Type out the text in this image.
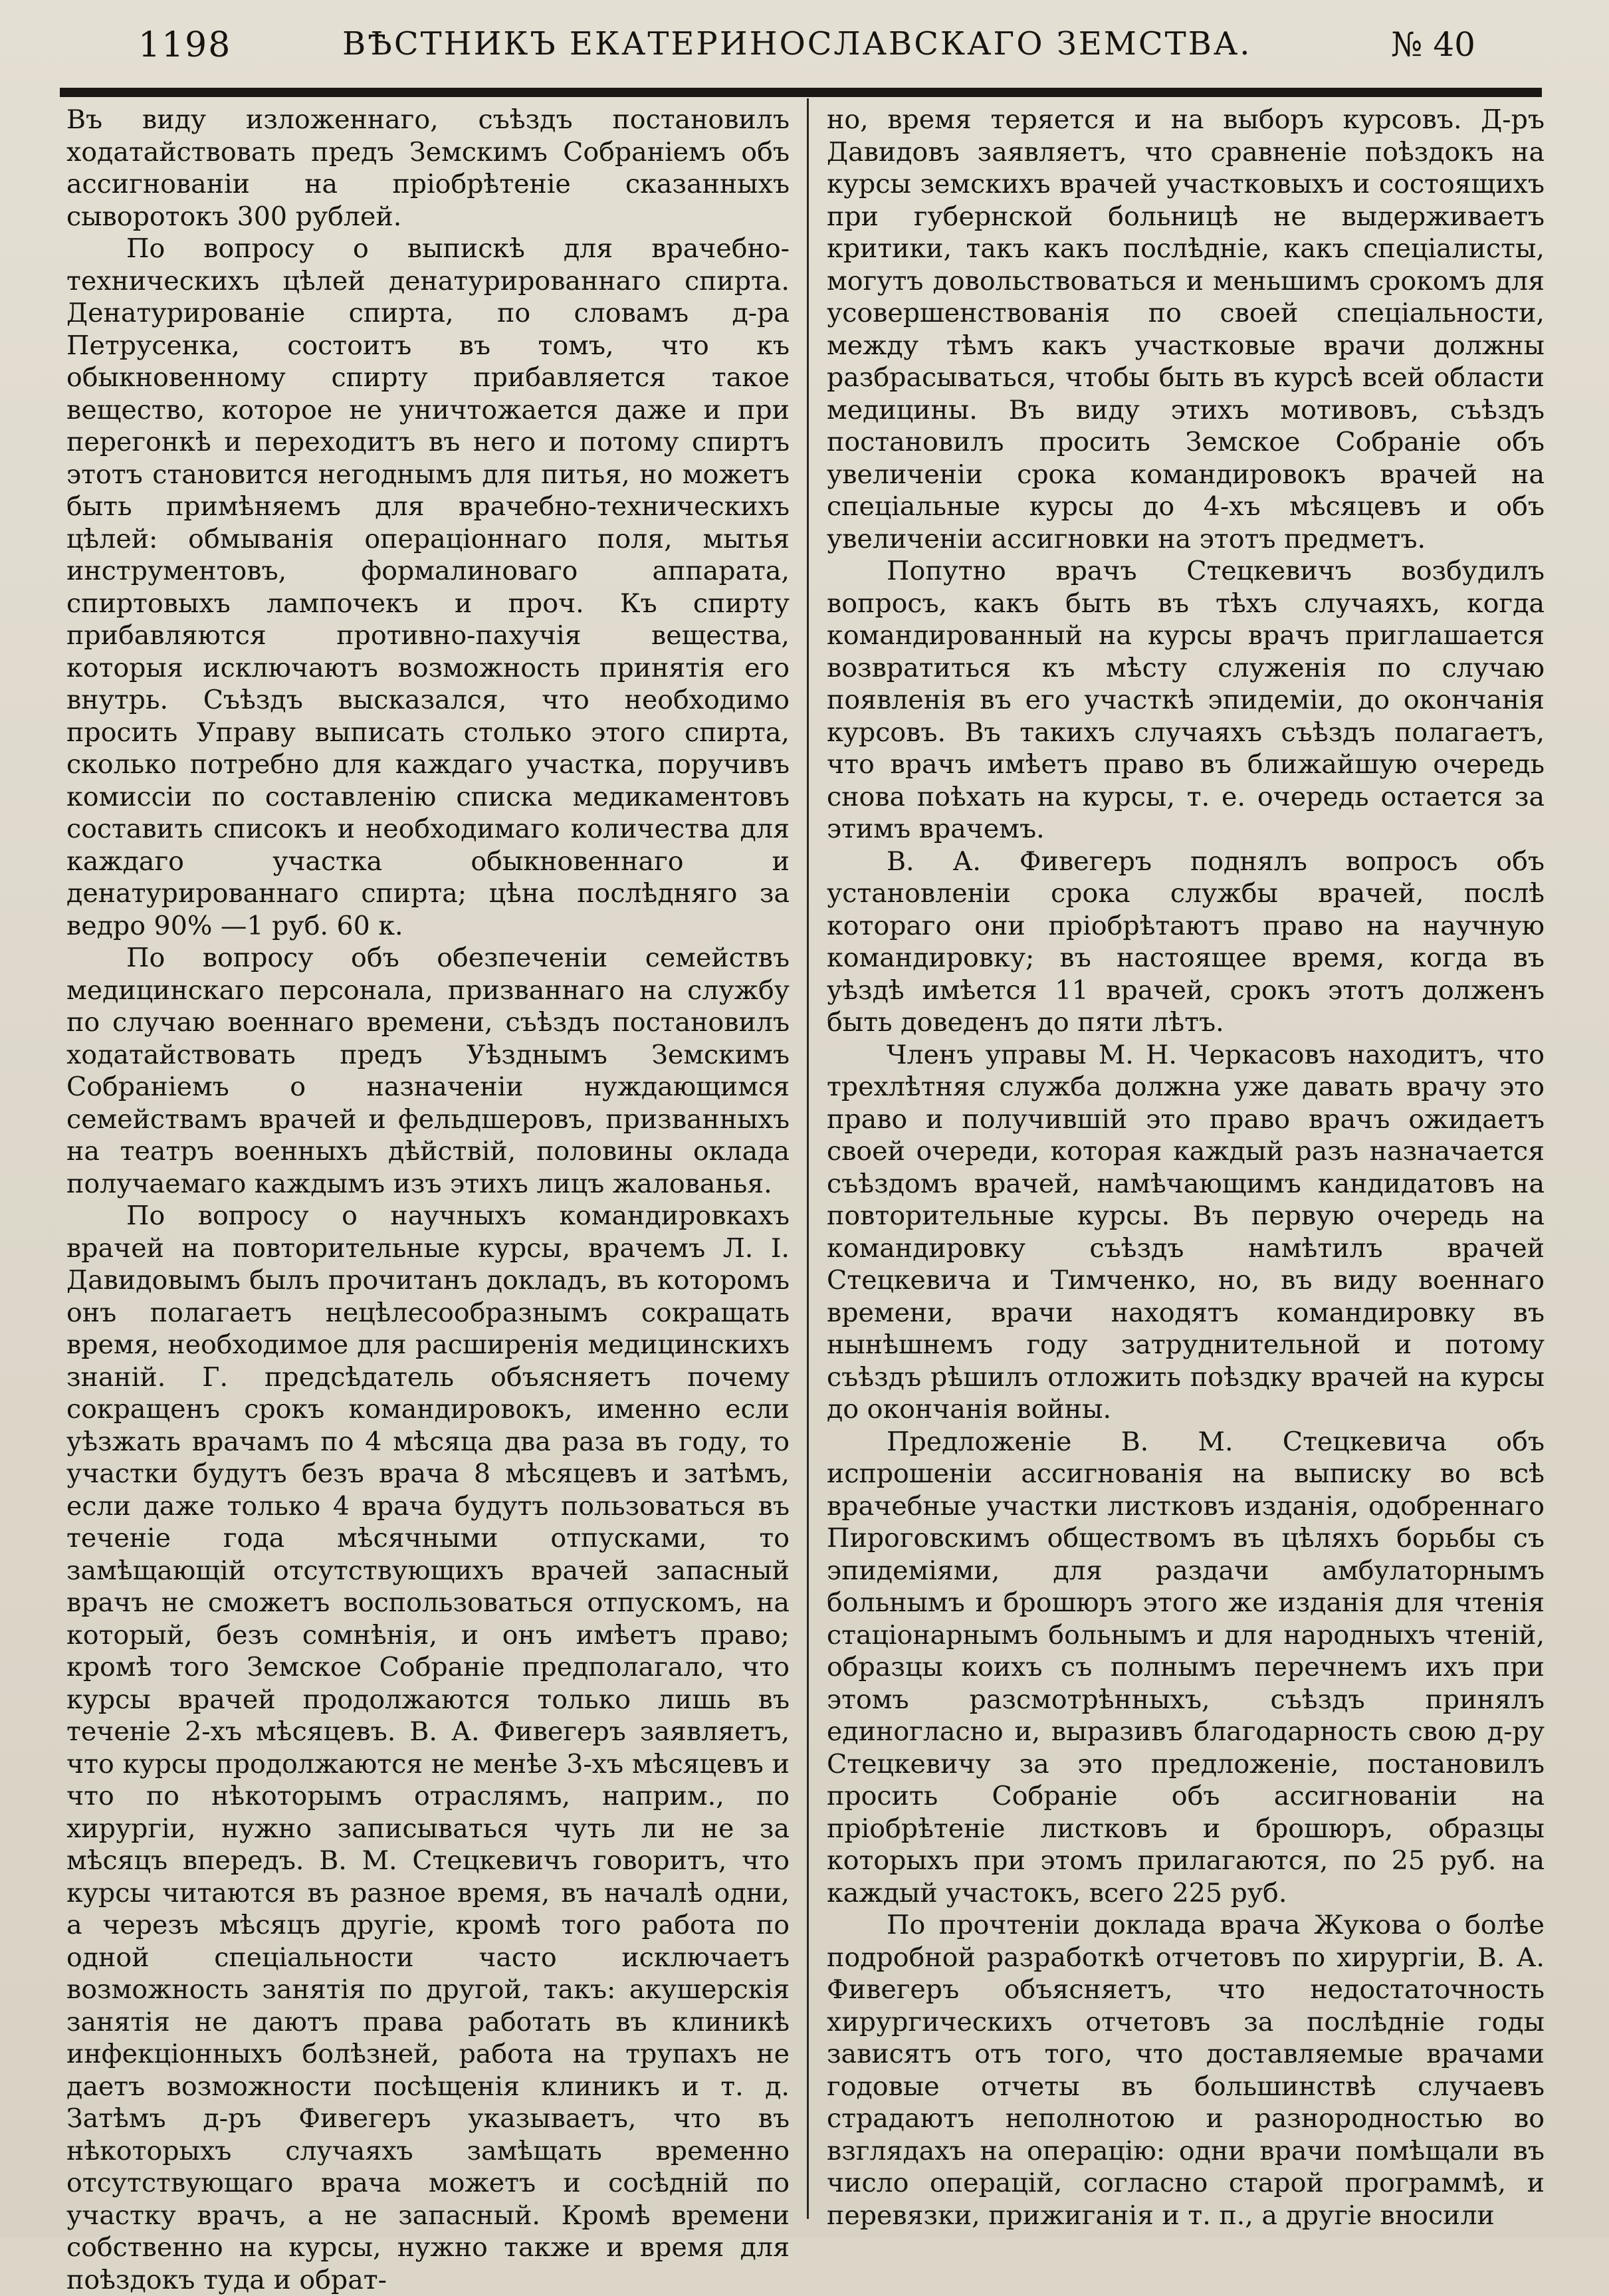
1198	ВѢСТНИКЪ ЕКАТЕРИНОСЛАВСКАГО ЗЕМСТВА.	№ 40

Въ виду изложеннаго, съѣздъ постановилъ ходатайствовать предъ Земскимъ Собраніемъ объ ассигнованіи на пріобрѣтеніе сказанныхъ сыворотокъ 300 рублей.

По вопросу о выпискѣ для врачебно-техническихъ цѣлей денатурированнаго спирта. Денатурированіе спирта, по словамъ д-ра Петрусенка, состоитъ въ томъ, что къ обыкновенному спирту прибавляется такое вещество, которое не уничтожается даже и при перегонкѣ и переходитъ въ него и потому спиртъ этотъ становится негоднымъ для питья, но можетъ быть примѣняемъ для врачебно-техническихъ цѣлей: обмыванія операціоннаго поля, мытья инструментовъ, формалиноваго аппарата, спиртовыхъ лампочекъ и проч. Къ спирту прибавляются противно-пахучія вещества, которыя исключаютъ возможность принятія его внутрь. Съѣздъ высказался, что необходимо просить Управу выписать столько этого спирта, сколько потребно для каждаго участка, поручивъ комиссіи по составленію списка медикаментовъ составить списокъ и необходимаго количества для каждаго участка обыкновеннаго и денатурированнаго спирта; цѣна послѣдняго за ведро 90% —1 руб. 60 к.

По вопросу объ обезпеченіи семействъ медицинскаго персонала, призваннаго на службу по случаю военнаго времени, съѣздъ постановилъ ходатайствовать предъ Уѣзднымъ Земскимъ Собраніемъ о назначеніи нуждающимся семействамъ врачей и фельдшеровъ, призванныхъ на театръ военныхъ дѣйствій, половины оклада получаемаго каждымъ изъ этихъ лицъ жалованья.

По вопросу о научныхъ командировкахъ врачей на повторительные курсы, врачемъ Л. І. Давидовымъ былъ прочитанъ докладъ, въ которомъ онъ полагаетъ нецѣлесообразнымъ сокращать время, необходимое для расширенія медицинскихъ знаній. Г. предсѣдатель объясняетъ почему сокращенъ срокъ командировокъ, именно если уѣзжать врачамъ по 4 мѣсяца два раза въ году, то участки будутъ безъ врача 8 мѣсяцевъ и затѣмъ, если даже только 4 врача будутъ пользоваться въ теченіе года мѣсячными отпусками, то замѣщающій отсутствующихъ врачей запасный врачъ не сможетъ воспользоваться отпускомъ, на который, безъ сомнѣнія, и онъ имѣетъ право; кромѣ того Земское Собраніе предполагало, что курсы врачей продолжаются только лишь въ теченіе 2-хъ мѣсяцевъ. В. А. Фивегеръ заявляетъ, что курсы продолжаются не менѣе 3-хъ мѣсяцевъ и что по нѣкоторымъ отраслямъ, наприм., по хирургіи, нужно записываться чуть ли не за мѣсяцъ впередъ. В. М. Стецкевичъ говоритъ, что курсы читаются въ разное время, въ началѣ одни, а черезъ мѣсяцъ другіе, кромѣ того работа по одной спеціальности часто исключаетъ возможность занятія по другой, такъ: акушерскія занятія не даютъ права работать въ клиникѣ инфекціонныхъ болѣзней, работа на трупахъ не даетъ возможности посѣщенія клиникъ и т. д. Затѣмъ д-ръ Фивегеръ указываетъ, что въ нѣкоторыхъ случаяхъ замѣщать временно отсутствующаго врача можетъ и сосѣдній по участку врачъ, а не запасный. Кромѣ времени собственно на курсы, нужно также и время для поѣздокъ туда и обрат-

но, время теряется и на выборъ курсовъ. Д-ръ Давидовъ заявляетъ, что сравненіе поѣздокъ на курсы земскихъ врачей участковыхъ и состоящихъ при губернской больницѣ не выдерживаетъ критики, такъ какъ послѣдніе, какъ спеціалисты, могутъ довольствоваться и меньшимъ срокомъ для усовершенствованія по своей спеціальности, между тѣмъ какъ участковые врачи должны разбрасываться, чтобы быть въ курсѣ всей области медицины. Въ виду этихъ мотивовъ, съѣздъ постановилъ просить Земское Собраніе объ увеличеніи срока командировокъ врачей на спеціальные курсы до 4-хъ мѣсяцевъ и объ увеличеніи ассигновки на этотъ предметъ.

Попутно врачъ Стецкевичъ возбудилъ вопросъ, какъ быть въ тѣхъ случаяхъ, когда командированный на курсы врачъ приглашается возвратиться къ мѣсту служенія по случаю появленія въ его участкѣ эпидеміи, до окончанія курсовъ. Въ такихъ случаяхъ съѣздъ полагаетъ, что врачъ имѣетъ право въ ближайшую очередь снова поѣхать на курсы, т. е. очередь остается за этимъ врачемъ.

В. А. Фивегеръ поднялъ вопросъ объ установленіи срока службы врачей, послѣ котораго они пріобрѣтаютъ право на научную командировку; въ настоящее время, когда въ уѣздѣ имѣется 11 врачей, срокъ этотъ долженъ быть доведенъ до пяти лѣтъ.

Членъ управы М. Н. Черкасовъ находитъ, что трехлѣтняя служба должна уже давать врачу это право и получившій это право врачъ ожидаетъ своей очереди, которая каждый разъ назначается съѣздомъ врачей, намѣчающимъ кандидатовъ на повторительные курсы. Въ первую очередь на командировку съѣздъ намѣтилъ врачей Стецкевича и Тимченко, но, въ виду военнаго времени, врачи находятъ командировку въ нынѣшнемъ году затруднительной и потому съѣздъ рѣшилъ отложить поѣздку врачей на курсы до окончанія войны.

Предложеніе В. М. Стецкевича объ испрошеніи ассигнованія на выписку во всѣ врачебные участки листковъ изданія, одобреннаго Пироговскимъ обществомъ въ цѣляхъ борьбы съ эпидеміями, для раздачи амбулаторнымъ больнымъ и брошюръ этого же изданія для чтенія стаціонарнымъ больнымъ и для народныхъ чтеній, образцы коихъ съ полнымъ перечнемъ ихъ при этомъ разсмотрѣнныхъ, съѣздъ принялъ единогласно и, выразивъ благодарность свою д-ру Стецкевичу за это предложеніе, постановилъ просить Собраніе объ ассигнованіи на пріобрѣтеніе листковъ и брошюръ, образцы которыхъ при этомъ прилагаются, по 25 руб. на каждый участокъ, всего 225 руб.

По прочтеніи доклада врача Жукова о болѣе подробной разработкѣ отчетовъ по хирургіи, В. А. Фивегеръ объясняетъ, что недостаточность хирургическихъ отчетовъ за послѣдніе годы зависятъ отъ того, что доставляемые врачами годовые отчеты въ большинствѣ случаевъ страдаютъ неполнотою и разнородностью во взглядахъ на операцію: одни врачи помѣщали въ число операцій, согласно старой программѣ, и перевязки, прижиганія и т. п., а другіе вносили
